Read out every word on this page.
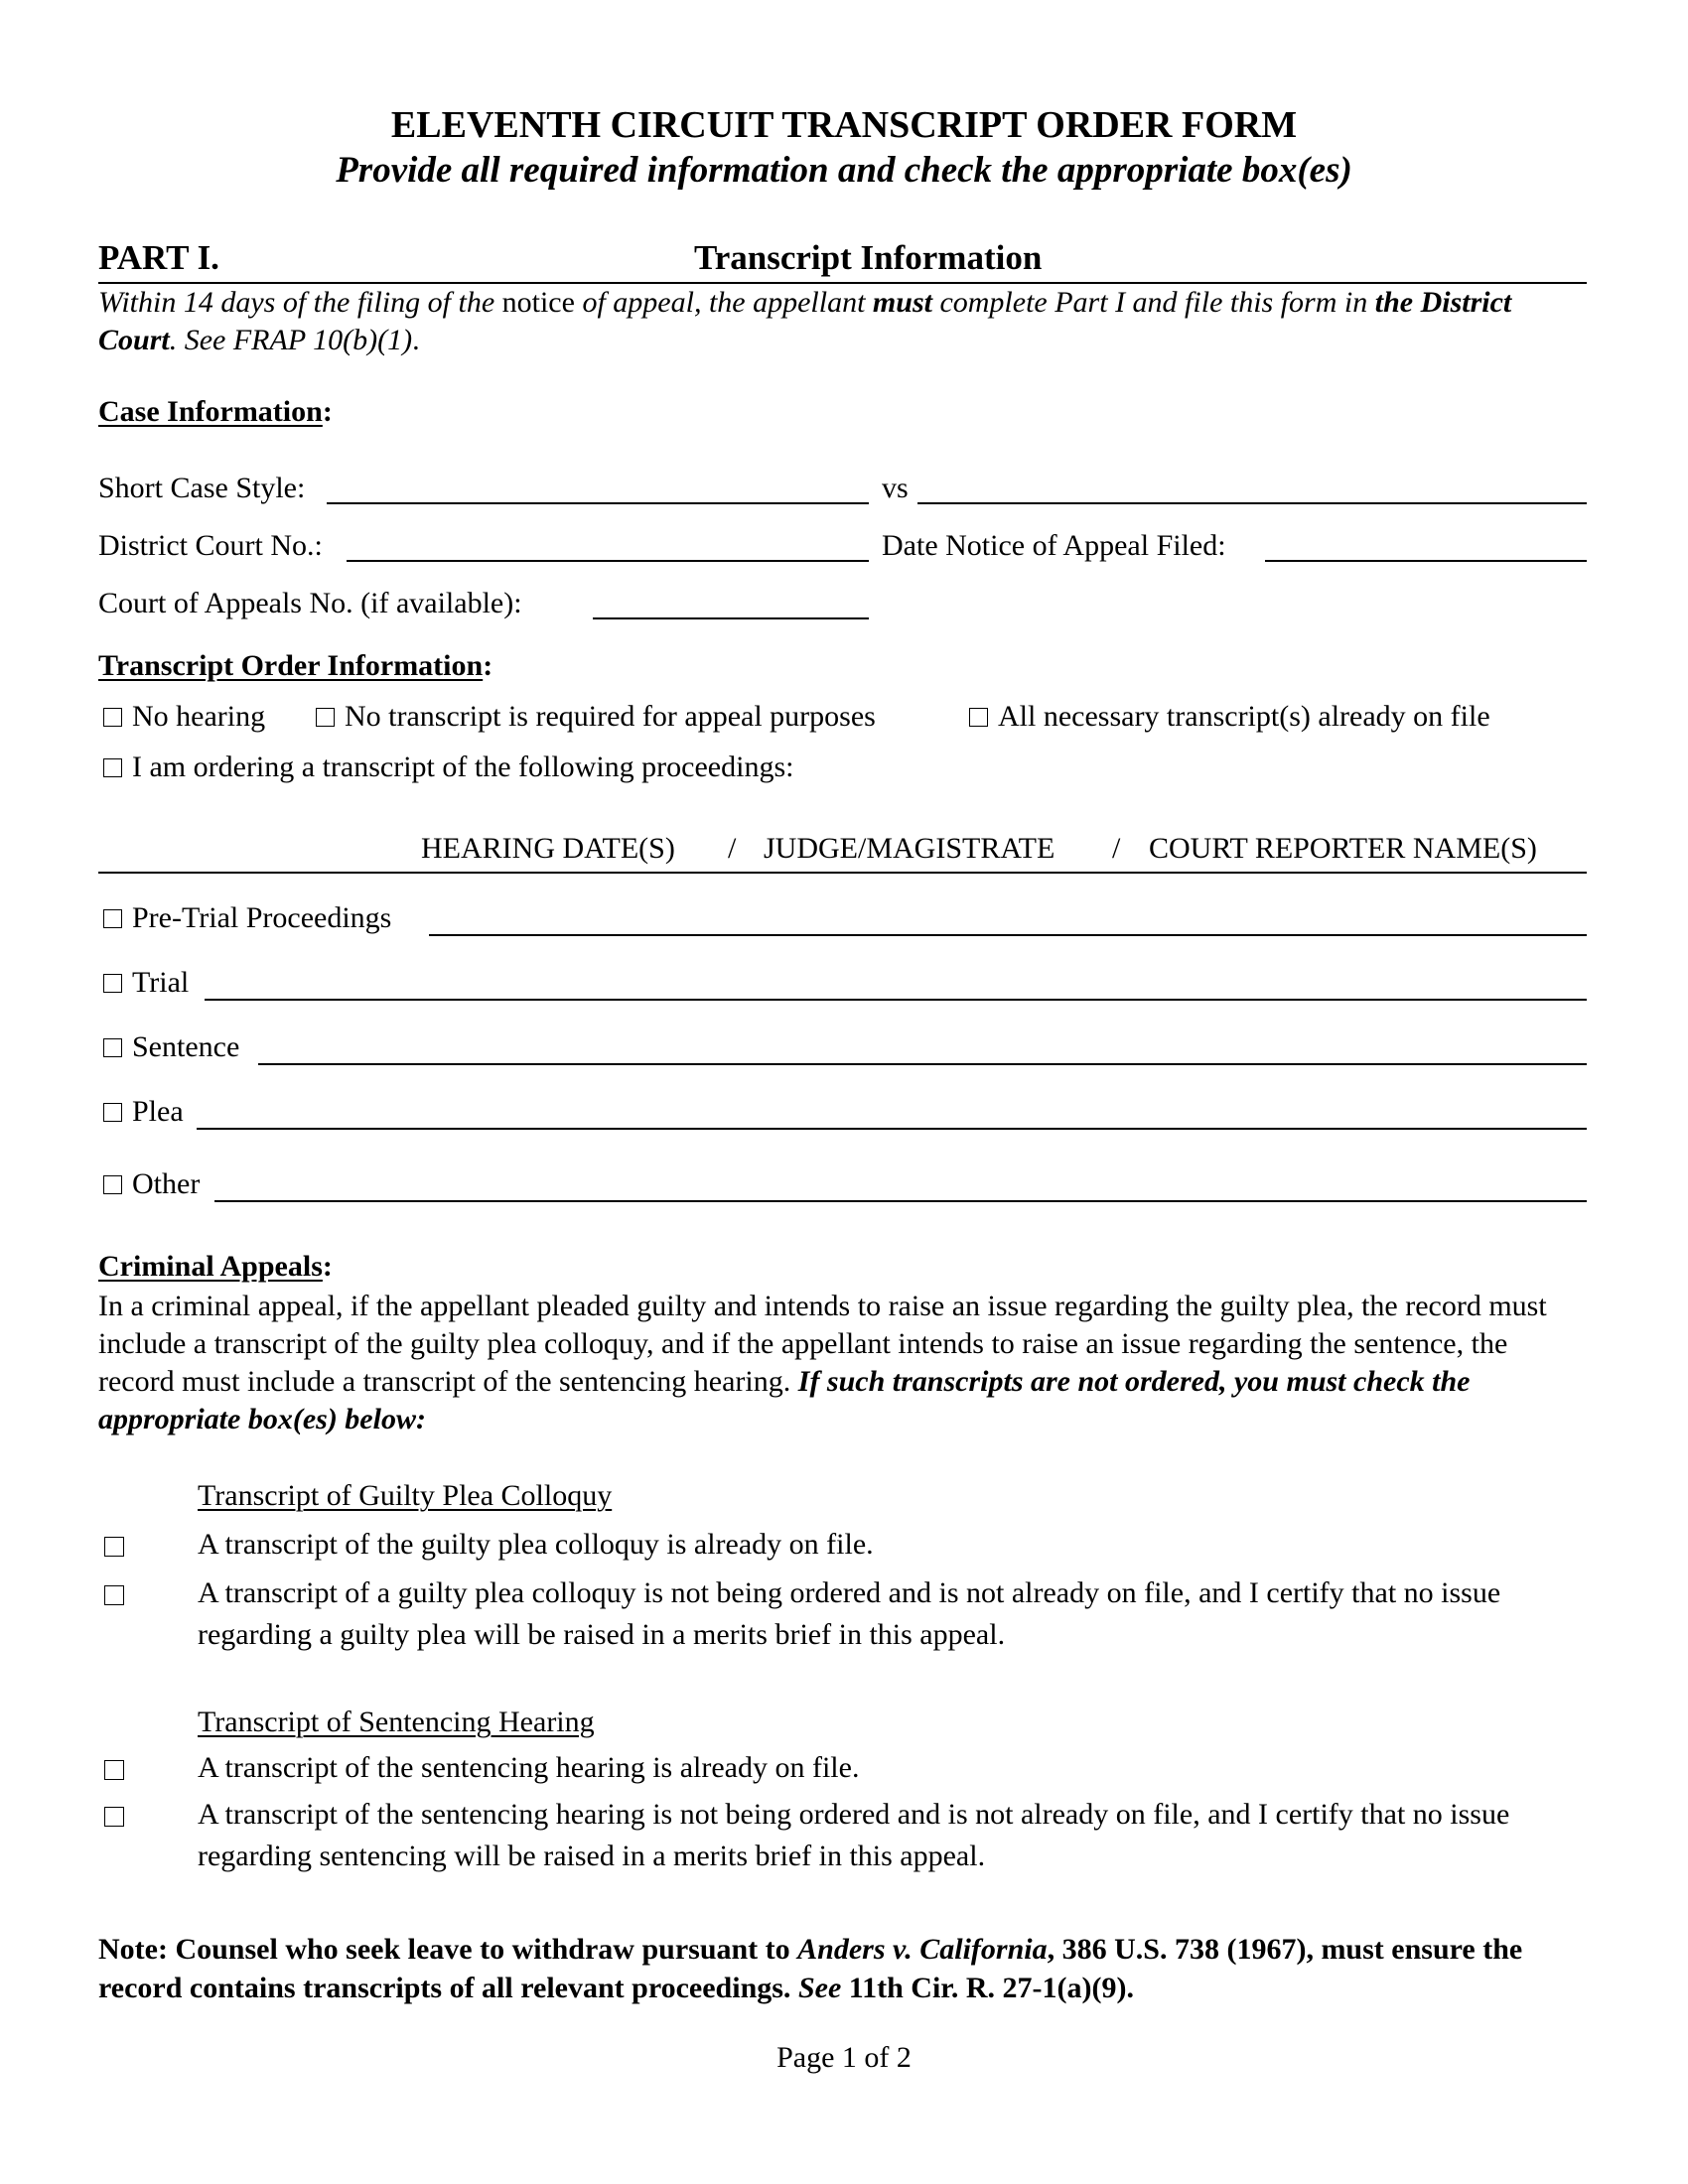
ELEVENTH CIRCUIT TRANSCRIPT ORDER FORM
Provide all required information and check the appropriate box(es)
PART I.	Transcript Information
Within 14 days of the filing of the notice of appeal, the appellant must complete Part I and file this form in the District Court. See FRAP 10(b)(1).
Case Information:
Short Case Style:	vs
District Court No.:	Date Notice of Appeal Filed:
Court of Appeals No. (if available):
Transcript Order Information:
No hearing	No transcript is required for appeal purposes	All necessary transcript(s) already on file
I am ordering a transcript of the following proceedings:
HEARING DATE(S) / JUDGE/MAGISTRATE / COURT REPORTER NAME(S)
Pre-Trial Proceedings
Trial
Sentence
Plea
Other
Criminal Appeals:
In a criminal appeal, if the appellant pleaded guilty and intends to raise an issue regarding the guilty plea, the record must include a transcript of the guilty plea colloquy, and if the appellant intends to raise an issue regarding the sentence, the record must include a transcript of the sentencing hearing. If such transcripts are not ordered, you must check the appropriate box(es) below:
Transcript of Guilty Plea Colloquy
A transcript of the guilty plea colloquy is already on file.
A transcript of a guilty plea colloquy is not being ordered and is not already on file, and I certify that no issue regarding a guilty plea will be raised in a merits brief in this appeal.
Transcript of Sentencing Hearing
A transcript of the sentencing hearing is already on file.
A transcript of the sentencing hearing is not being ordered and is not already on file, and I certify that no issue regarding sentencing will be raised in a merits brief in this appeal.
Note: Counsel who seek leave to withdraw pursuant to Anders v. California, 386 U.S. 738 (1967), must ensure the record contains transcripts of all relevant proceedings. See 11th Cir. R. 27-1(a)(9).
Page 1 of 2
